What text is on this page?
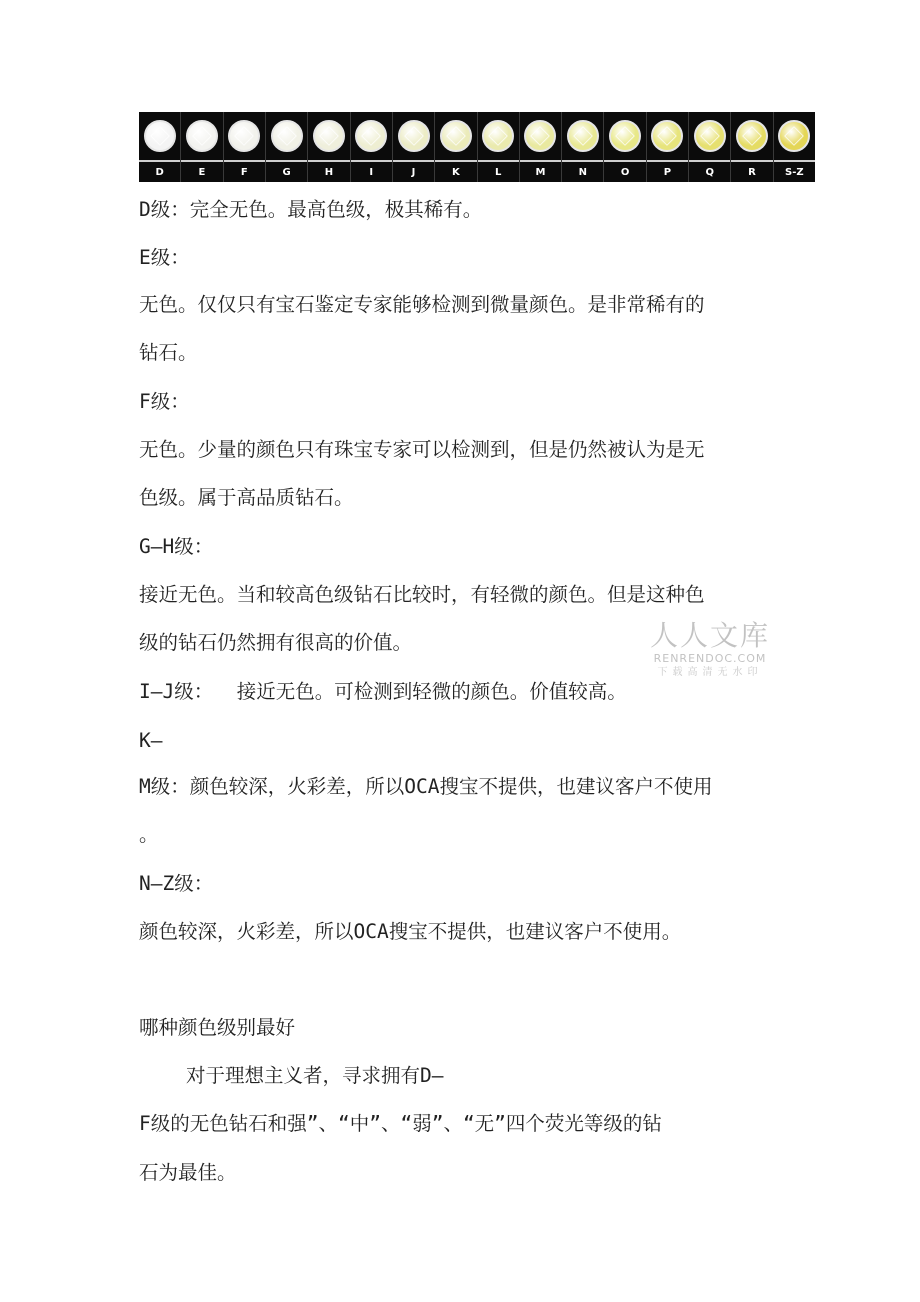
D	E	F	G	H	I	J	K	L	M	N	O	P	Q	R	S-Z
D级：完全无色。最高色级，极其稀有。
E级：
无色。仅仅只有宝石鉴定专家能够检测到微量颜色。是非常稀有的
钻石。
F级：
无色。少量的颜色只有珠宝专家可以检测到，但是仍然被认为是无
色级。属于高品质钻石。
G—H级：
接近无色。当和较高色级钻石比较时，有轻微的颜色。但是这种色
级的钻石仍然拥有很高的价值。
I—J级：  接近无色。可检测到轻微的颜色。价值较高。
K—
M级：颜色较深，火彩差，所以OCA搜宝不提供，也建议客户不使用
。
N—Z级：
颜色较深，火彩差，所以OCA搜宝不提供，也建议客户不使用。
哪种颜色级别最好
对于理想主义者，寻求拥有D—
F级的无色钻石和强”、“中”、“弱”、“无”四个荧光等级的钻
石为最佳。
人人文库
RENRENDOC.COM
下载高清无水印
